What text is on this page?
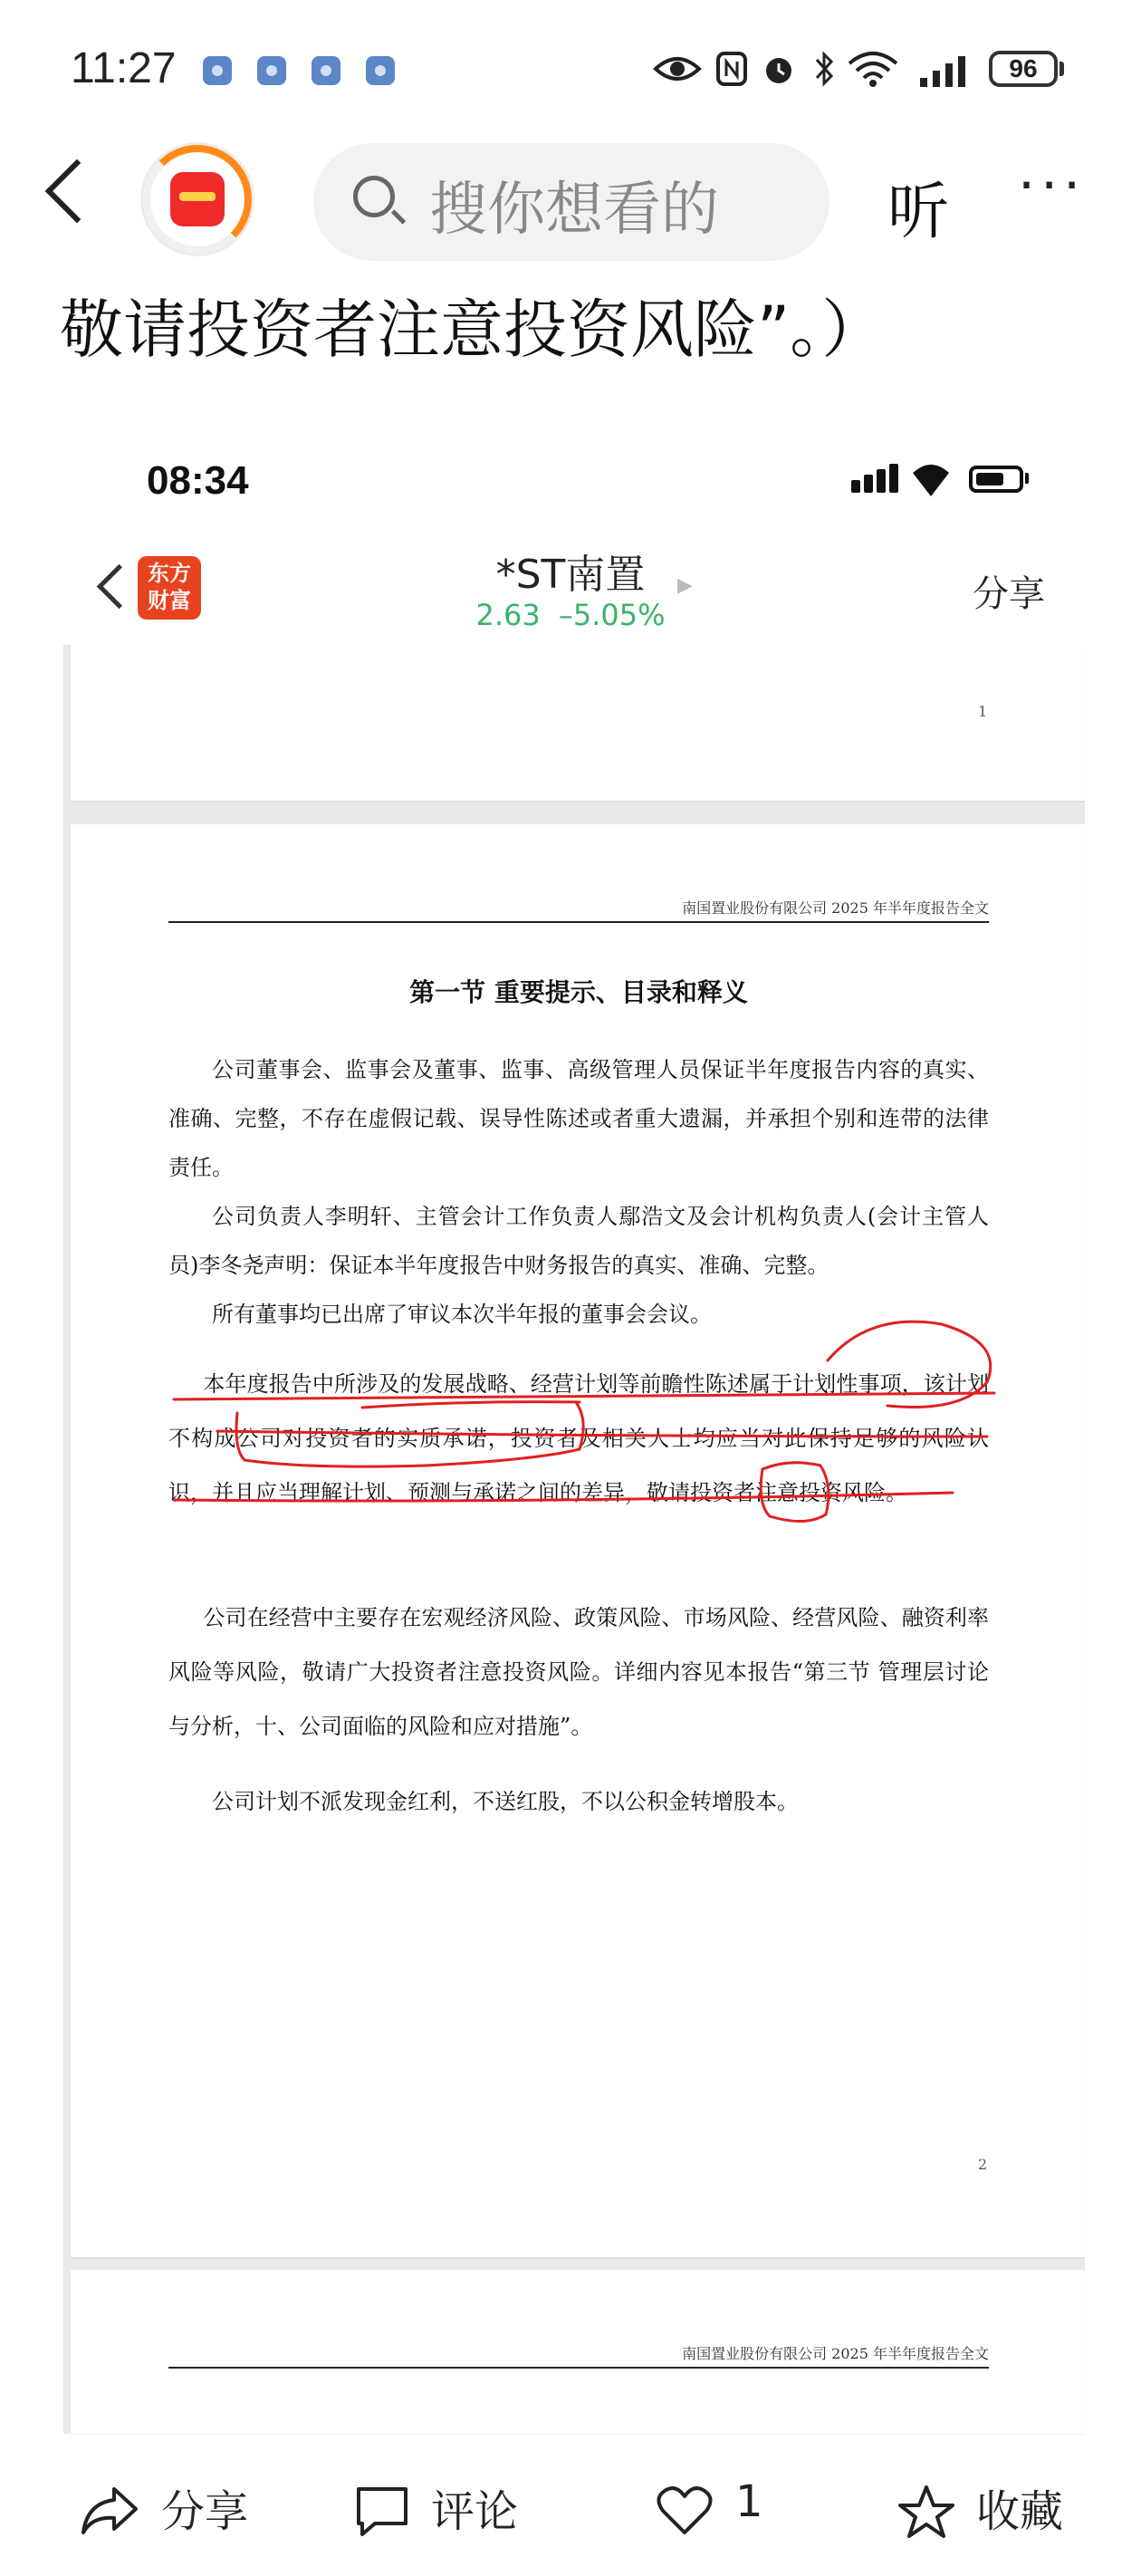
11:27	96
搜你想看的	听 ···
敬请投资者注意投资风险”。）
08:34
东方财富
*ST南置
2.63 –5.05%
▶	分享
1
南国置业股份有限公司 2025 年半年度报告全文
第一节 重要提示、目录和释义
公司董事会、监事会及董事、监事、高级管理人员保证半年度报告内容的真实、准确、完整，不存在虚假记载、误导性陈述或者重大遗漏，并承担个别和连带的法律责任。
公司负责人李明轩、主管会计工作负责人鄢浩文及会计机构负责人(会计主管人员)李冬尧声明：保证本半年度报告中财务报告的真实、准确、完整。
所有董事均已出席了审议本次半年报的董事会会议。
本年度报告中所涉及的发展战略、经营计划等前瞻性陈述属于计划性事项，该计划不构成公司对投资者的实质承诺，投资者及相关人士均应当对此保持足够的风险认识，并且应当理解计划、预测与承诺之间的差异，敬请投资者注意投资风险。
公司在经营中主要存在宏观经济风险、政策风险、市场风险、经营风险、融资利率风险等风险，敬请广大投资者注意投资风险。详细内容见本报告“第三节 管理层讨论与分析，十、公司面临的风险和应对措施”。
公司计划不派发现金红利，不送红股，不以公积金转增股本。
2
南国置业股份有限公司 2025 年半年度报告全文
分享	评论	1	收藏
